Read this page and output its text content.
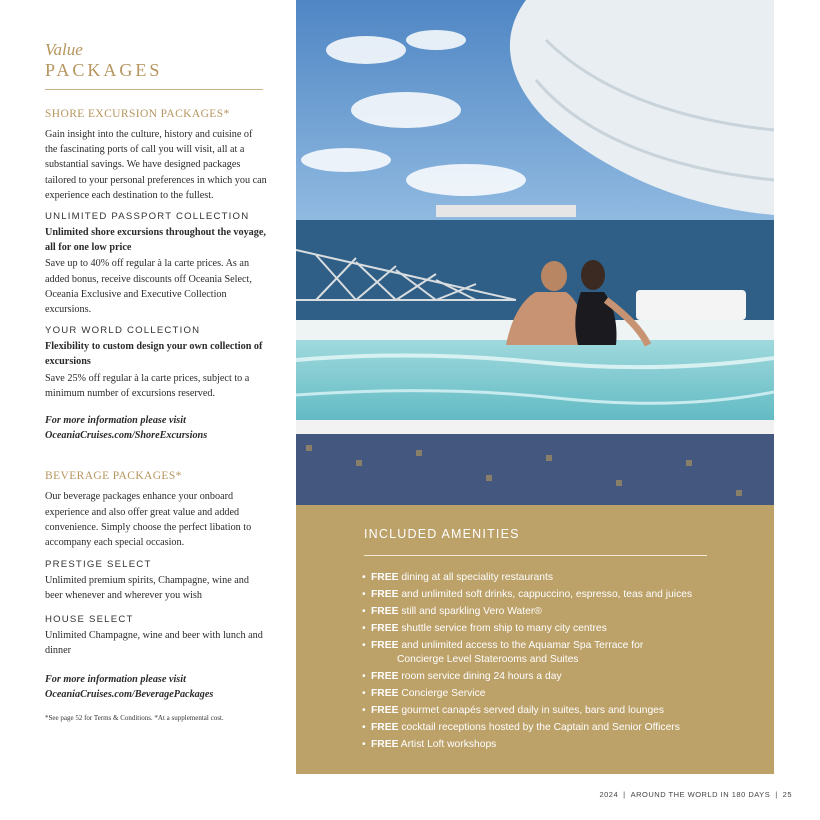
Value
PACKAGES
SHORE EXCURSION PACKAGES*
Gain insight into the culture, history and cuisine of the fascinating ports of call you will visit, all at a substantial savings. We have designed packages tailored to your personal preferences in which you can experience each destination to the fullest.
UNLIMITED PASSPORT COLLECTION
Unlimited shore excursions throughout the voyage, all for one low price
Save up to 40% off regular à la carte prices. As an added bonus, receive discounts off Oceania Select, Oceania Exclusive and Executive Collection excursions.
YOUR WORLD COLLECTION
Flexibility to custom design your own collection of excursions
Save 25% off regular à la carte prices, subject to a minimum number of excursions reserved.
For more information please visit
OceaniaCruises.com/ShoreExcursions
BEVERAGE PACKAGES*
Our beverage packages enhance your onboard experience and also offer great value and added convenience. Simply choose the perfect libation to accompany each special occasion.
PRESTIGE SELECT
Unlimited premium spirits, Champagne, wine and beer whenever and wherever you wish
HOUSE SELECT
Unlimited Champagne, wine and beer with lunch and dinner
For more information please visit
OceaniaCruises.com/BeveragePackages
*See page 52 for Terms & Conditions. *At a supplemental cost.
INCLUDED AMENITIES
• FREE dining at all speciality restaurants
• FREE and unlimited soft drinks, cappuccino, espresso, teas and juices
• FREE still and sparkling Vero Water®
• FREE shuttle service from ship to many city centres
• FREE and unlimited access to the Aquamar Spa Terrace for
Concierge Level Staterooms and Suites
• FREE room service dining 24 hours a day
• FREE Concierge Service
• FREE gourmet canapés served daily in suites, bars and lounges
• FREE cocktail receptions hosted by the Captain and Senior Officers
• FREE Artist Loft workshops
2024 | AROUND THE WORLD IN 180 DAYS | 25
